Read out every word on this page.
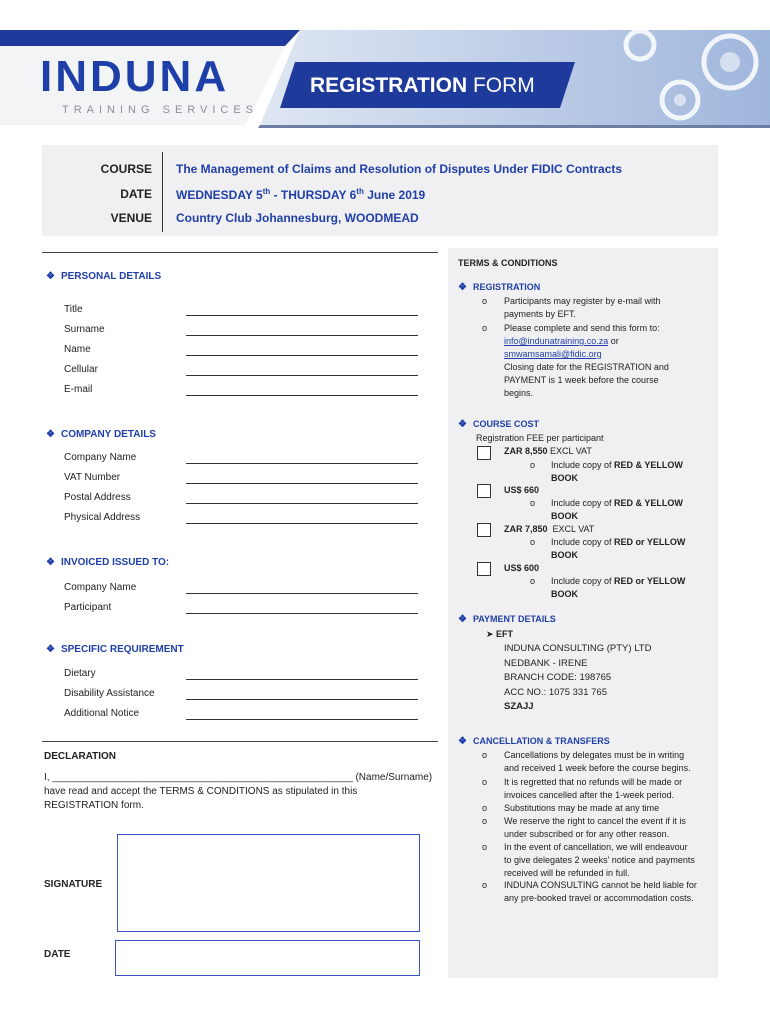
INDUNA
TRAINING SERVICES
REGISTRATION FORM
COURSE The Management of Claims and Resolution of Disputes Under FIDIC Contracts
DATE WEDNESDAY 5th - THURSDAY 6th June 2019
VENUE Country Club Johannesburg, WOODMEAD
❖ PERSONAL DETAILS
Title
Surname
Name
Cellular
E-mail
❖ COMPANY DETAILS
Company Name
VAT Number
Postal Address
Physical Address
❖ INVOICED ISSUED TO:
Company Name
Participant
❖ SPECIFIC REQUIREMENT
Dietary
Disability Assistance
Additional Notice
DECLARATION
I, ______________________________________________________ (Name/Surname)
have read and accept the TERMS & CONDITIONS as stipulated in this
REGISTRATION form.
SIGNATURE
DATE
TERMS & CONDITIONS
❖ REGISTRATION
o Participants may register by e-mail with
payments by EFT.
o Please complete and send this form to:
info@indunatraining.co.za or
smwamsamali@fidic.org
Closing date for the REGISTRATION and
PAYMENT is 1 week before the course
begins.
❖ COURSE COST
Registration FEE per participant
ZAR 8,550 EXCL VAT
o Include copy of RED & YELLOW
BOOK
US$ 660
o Include copy of RED & YELLOW
BOOK
ZAR 7,850  EXCL VAT
o Include copy of RED or YELLOW
BOOK
US$ 600
o Include copy of RED or YELLOW
BOOK
❖ PAYMENT DETAILS
➤ EFT
INDUNA CONSULTING (PTY) LTD
NEDBANK - IRENE
BRANCH CODE: 198765
ACC NO.: 1075 331 765
SZAJJ
❖ CANCELLATION & TRANSFERS
o Cancellations by delegates must be in writing
and received 1 week before the course begins.
o It is regretted that no refunds will be made or
invoices cancelled after the 1-week period.
o Substitutions may be made at any time
o We reserve the right to cancel the event if it is
under subscribed or for any other reason.
o In the event of cancellation, we will endeavour
to give delegates 2 weeks' notice and payments
received will be refunded in full.
o INDUNA CONSULTING cannot be held liable for
any pre-booked travel or accommodation costs.
